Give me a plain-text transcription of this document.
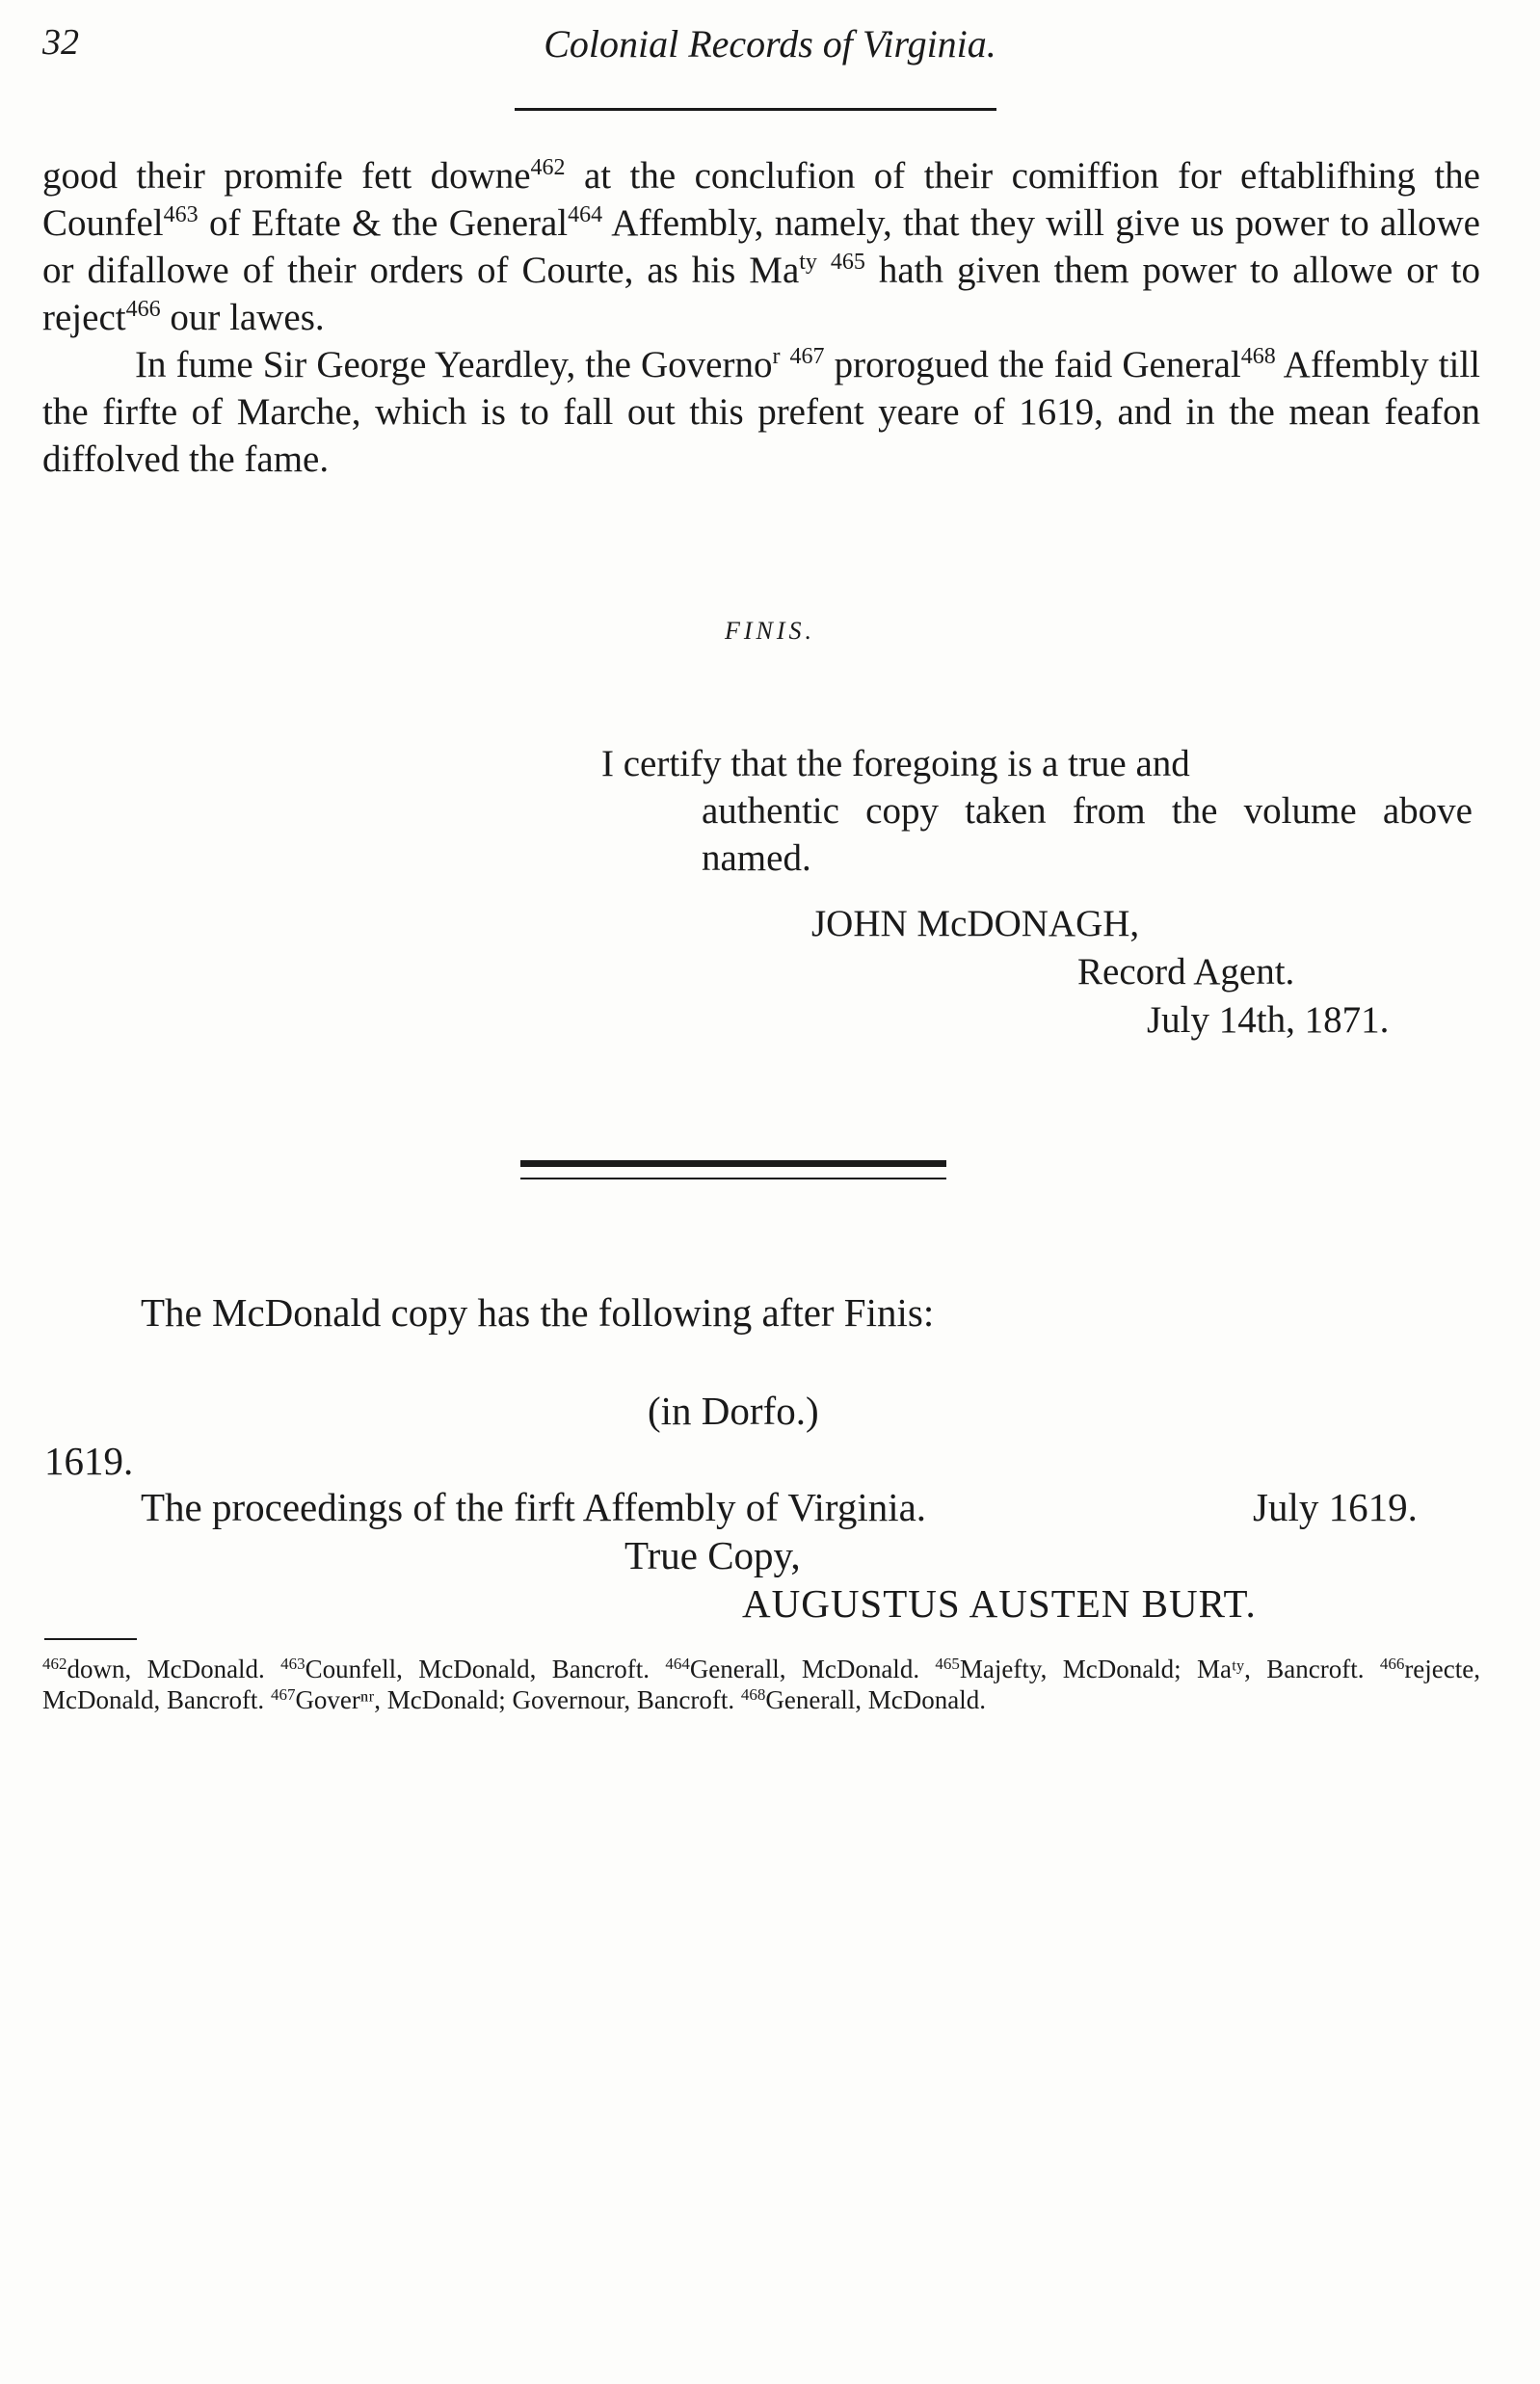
32	Colonial Records of Virginia.

good their promife fett downe$^{462}$ at the conclufion of their comiffion for eftablifhing the Counfel$^{463}$ of Eftate & the General$^{464}$ Affembly, namely, that they will give us power to allowe or difallowe of their orders of Courte, as his $Ma^{ty}$ $^{465}$ hath given them power to allowe or to reject$^{466}$ our lawes.

In fume Sir George Yeardley, the Governo$^r$ $^{467}$ prorogued the faid General$^{468}$ Affembly till the firfte of Marche, which is to fall out this prefent yeare of 1619, and in the mean feafon diffolved the fame.

FINIS.

I certify that the foregoing is a true and

authentic copy taken from the volume above named.

JOHN McDONAGH,
Record Agent.
July 14th, 1871.
The McDonald copy has the following after Finis:
(in Dorfo.)
1619.
The proceedings of the firft Affembly of Virginia.	July 1619.
True Copy,
AUGUSTUS AUSTEN BURT.
$^{462}$down, McDonald. $^{463}$Counfell, McDonald, Bancroft. $^{464}$Generall, McDonald. $^{465}$Majefty, McDonald; Maᵗʸ, Bancroft. $^{466}$rejecte, McDonald, Bancroft. $^{467}$Goverⁿʳ, McDonald; Governour, Bancroft. $^{468}$Generall, McDonald.
